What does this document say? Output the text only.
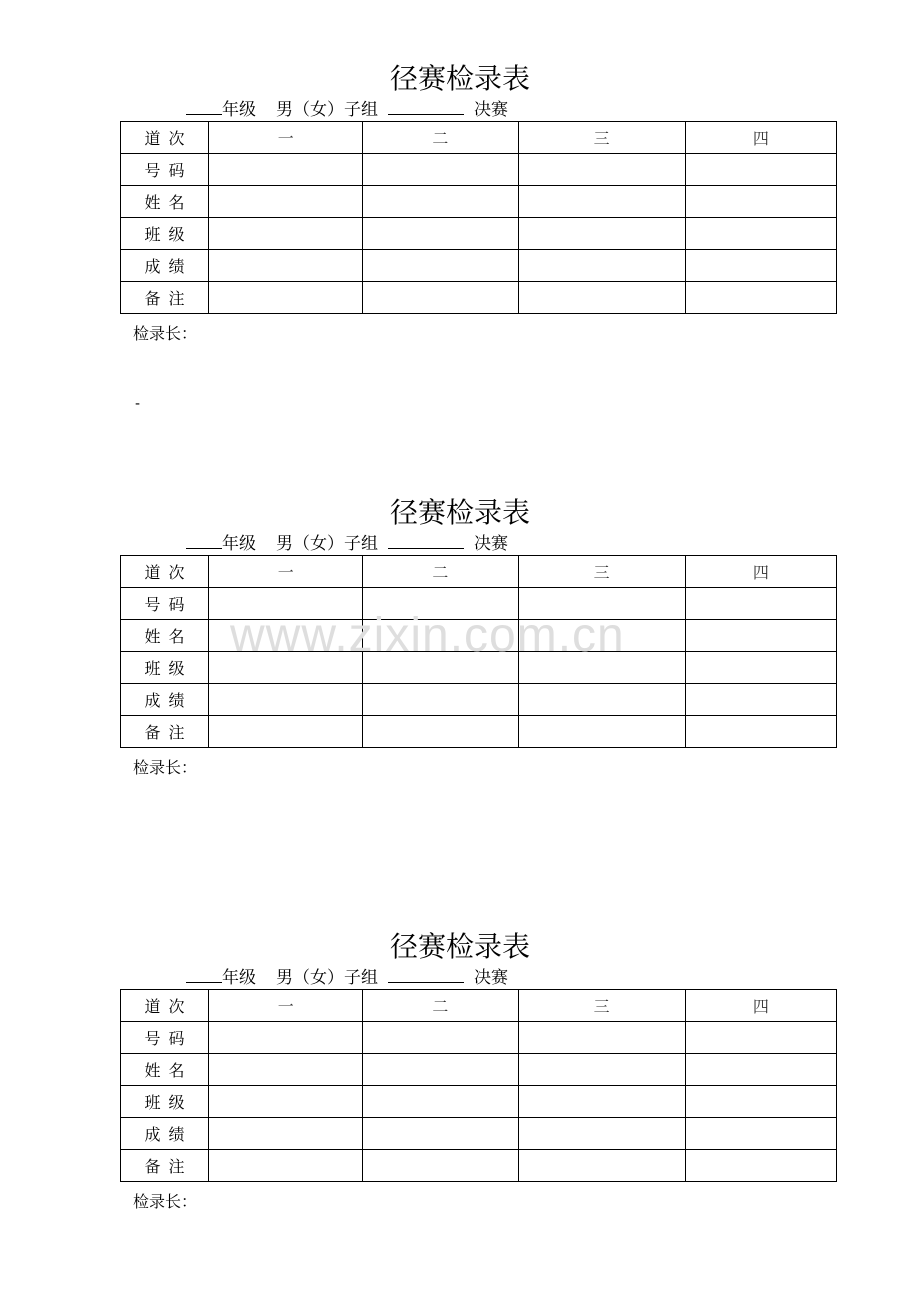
径赛检录表
年级 男（女）子组	决赛
道次	一	二	三	四
号码				
姓名				
班级				
成绩				
备注				
检录长：
-
径赛检录表
年级 男（女）子组	决赛
道次	一	二	三	四
号码				
姓名				
班级				
成绩				
备注				
检录长：
径赛检录表
年级 男（女）子组	决赛
道次	一	二	三	四
号码				
姓名				
班级				
成绩				
备注				
检录长：
www.zixin.com.cn
